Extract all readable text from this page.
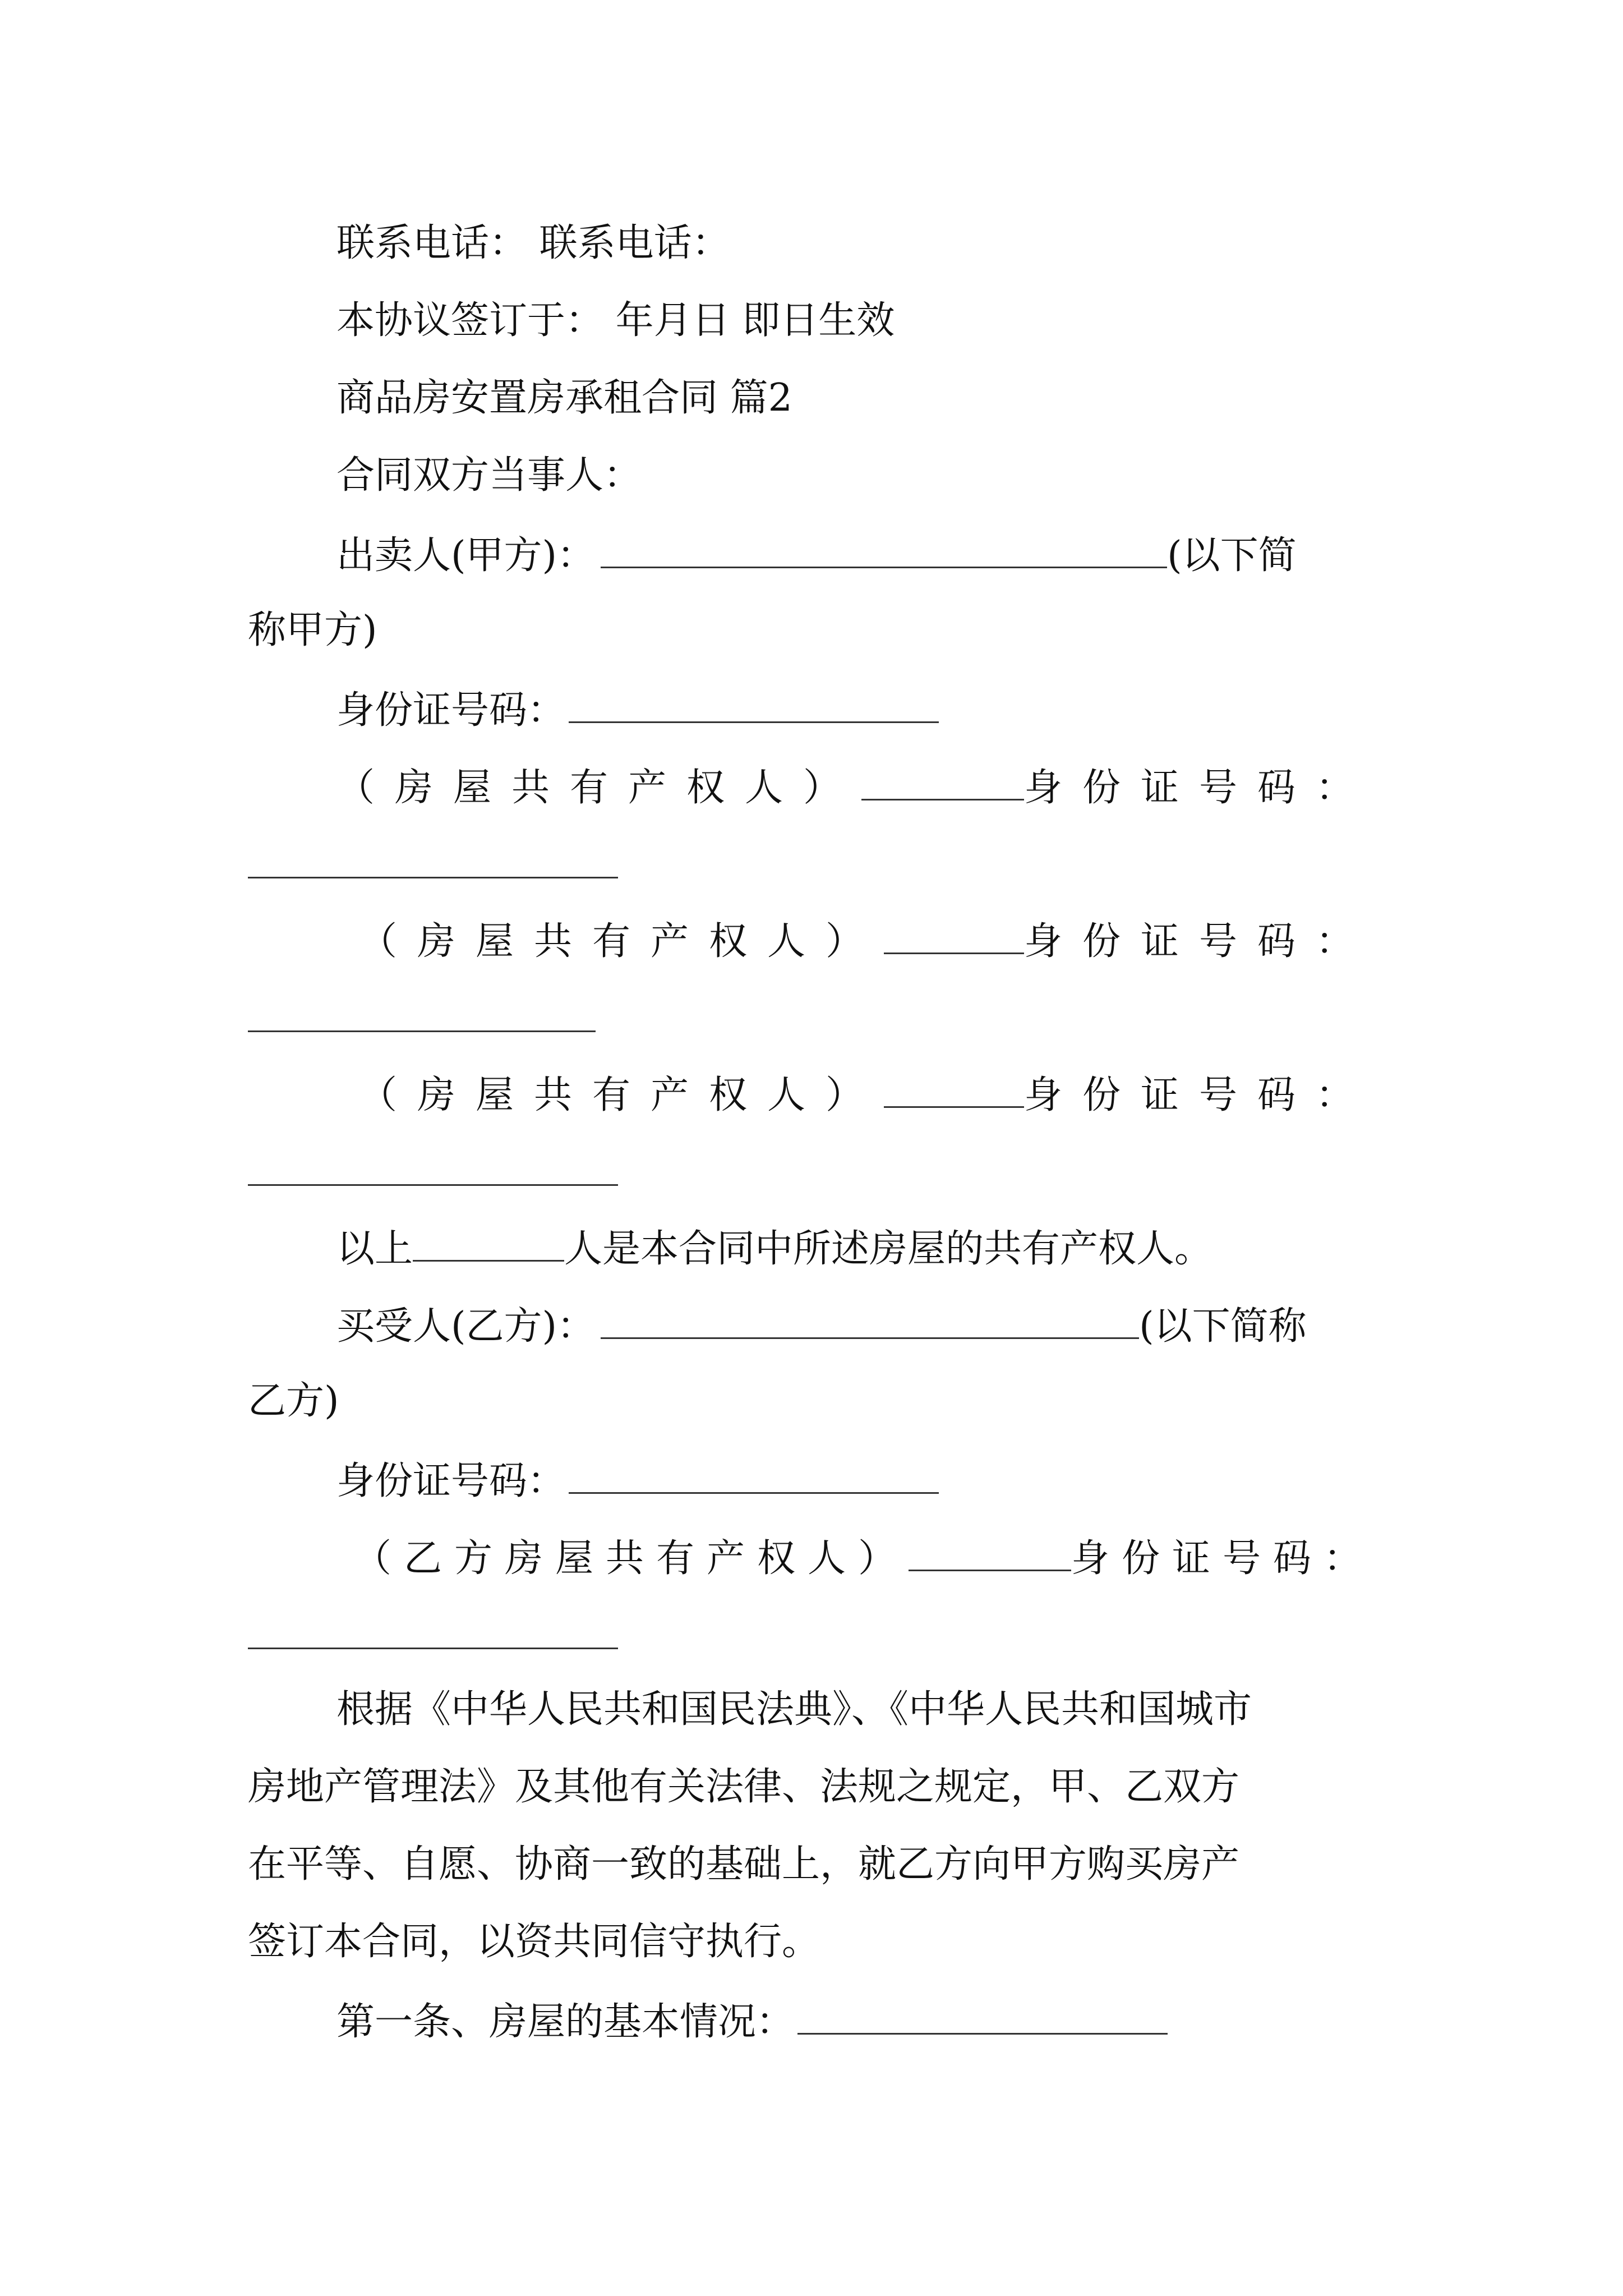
联系电话： 联系电话：
本协议签订于： 年月日 即日生效
商品房安置房承租合同 篇2
合同双方当事人：
出卖人(甲方)：	(以下简
称甲方)
身份证号码：
（房屋共有产权人）	身份证号码：
（房屋共有产权人）	身份证号码：
（房屋共有产权人）	身份证号码：
以上	人是本合同中所述房屋的共有产权人。
买受人(乙方)：	(以下简称
乙方)
身份证号码：
（乙方房屋共有产权人）	身份证号码：
根据《中华人民共和国民法典》、《中华人民共和国城市
房地产管理法》及其他有关法律、法规之规定，甲、乙双方
在平等、自愿、协商一致的基础上，就乙方向甲方购买房产
签订本合同，以资共同信守执行。
第一条、房屋的基本情况：
